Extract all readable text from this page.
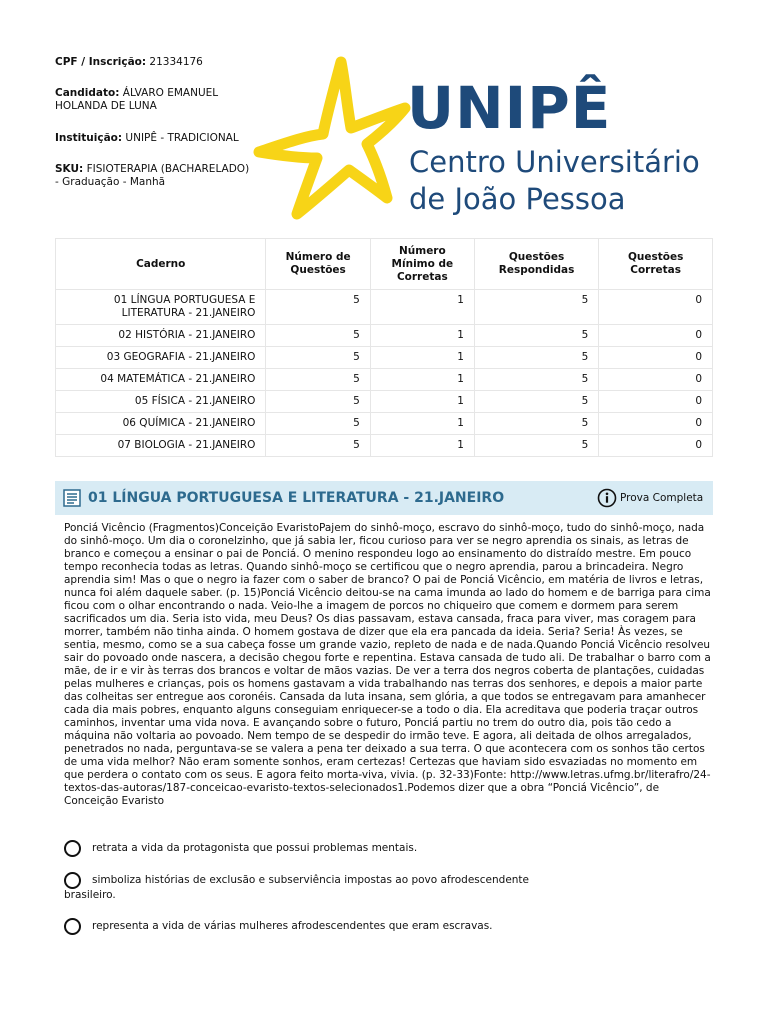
CPF / Inscrição: 21334176
Candidato: ÁLVARO EMANUEL HOLANDA DE LUNA
Instituição: UNIPÊ - TRADICIONAL
SKU: FISIOTERAPIA (BACHARELADO) - Graduação - Manhã
UNIPÊ
Centro Universitário
de João Pessoa
Caderno	Número de Questões	Número Mínimo de Corretas	Questões Respondidas	Questões Corretas
01 LÍNGUA PORTUGUESA E LITERATURA - 21.JANEIRO	5	1	5	0
02 HISTÓRIA - 21.JANEIRO	5	1	5	0
03 GEOGRAFIA - 21.JANEIRO	5	1	5	0
04 MATEMÁTICA - 21.JANEIRO	5	1	5	0
05 FÍSICA - 21.JANEIRO	5	1	5	0
06 QUÍMICA - 21.JANEIRO	5	1	5	0
07 BIOLOGIA - 21.JANEIRO	5	1	5	0
01 LÍNGUA PORTUGUESA E LITERATURA - 21.JANEIRO	Prova Completa
Ponciá Vicêncio (Fragmentos)Conceição EvaristoPajem do sinhô-moço, escravo do sinhô-moço, tudo do sinhô-moço, nada do sinhô-moço. Um dia o coronelzinho, que já sabia ler, ficou curioso para ver se negro aprendia os sinais, as letras de branco e começou a ensinar o pai de Ponciá. O menino respondeu logo ao ensinamento do distraído mestre. Em pouco tempo reconhecia todas as letras. Quando sinhô-moço se certificou que o negro aprendia, parou a brincadeira. Negro aprendia sim! Mas o que o negro ia fazer com o saber de branco? O pai de Ponciá Vicêncio, em matéria de livros e letras, nunca foi além daquele saber. (p. 15)Ponciá Vicêncio deitou-se na cama imunda ao lado do homem e de barriga para cima ficou com o olhar encontrando o nada. Veio-lhe a imagem de porcos no chiqueiro que comem e dormem para serem sacrificados um dia. Seria isto vida, meu Deus? Os dias passavam, estava cansada, fraca para viver, mas coragem para morrer, também não tinha ainda. O homem gostava de dizer que ela era pancada da ideia. Seria? Seria! Às vezes, se sentia, mesmo, como se a sua cabeça fosse um grande vazio, repleto de nada e de nada.Quando Ponciá Vicêncio resolveu sair do povoado onde nascera, a decisão chegou forte e repentina. Estava cansada de tudo ali. De trabalhar o barro com a mãe, de ir e vir às terras dos brancos e voltar de mãos vazias. De ver a terra dos negros coberta de plantações, cuidadas pelas mulheres e crianças, pois os homens gastavam a vida trabalhando nas terras dos senhores, e depois a maior parte das colheitas ser entregue aos coronéis. Cansada da luta insana, sem glória, a que todos se entregavam para amanhecer cada dia mais pobres, enquanto alguns conseguiam enriquecer-se a todo o dia. Ela acreditava que poderia traçar outros caminhos, inventar uma vida nova. E avançando sobre o futuro, Ponciá partiu no trem do outro dia, pois tão cedo a máquina não voltaria ao povoado. Nem tempo de se despedir do irmão teve. E agora, ali deitada de olhos arregalados, penetrados no nada, perguntava-se se valera a pena ter deixado a sua terra. O que acontecera com os sonhos tão certos de uma vida melhor? Não eram somente sonhos, eram certezas! Certezas que haviam sido esvaziadas no momento em que perdera o contato com os seus. E agora feito morta-viva, vivia. (p. 32-33)Fonte: http://www.letras.ufmg.br/literafro/24-textos-das-autoras/187-conceicao-evaristo-textos-selecionados1.Podemos dizer que a obra “Ponciá Vicêncio”, de Conceição Evaristo
retrata a vida da protagonista que possui problemas mentais.
simboliza histórias de exclusão e subserviência impostas ao povo afrodescendente brasileiro.
representa a vida de várias mulheres afrodescendentes que eram escravas.
